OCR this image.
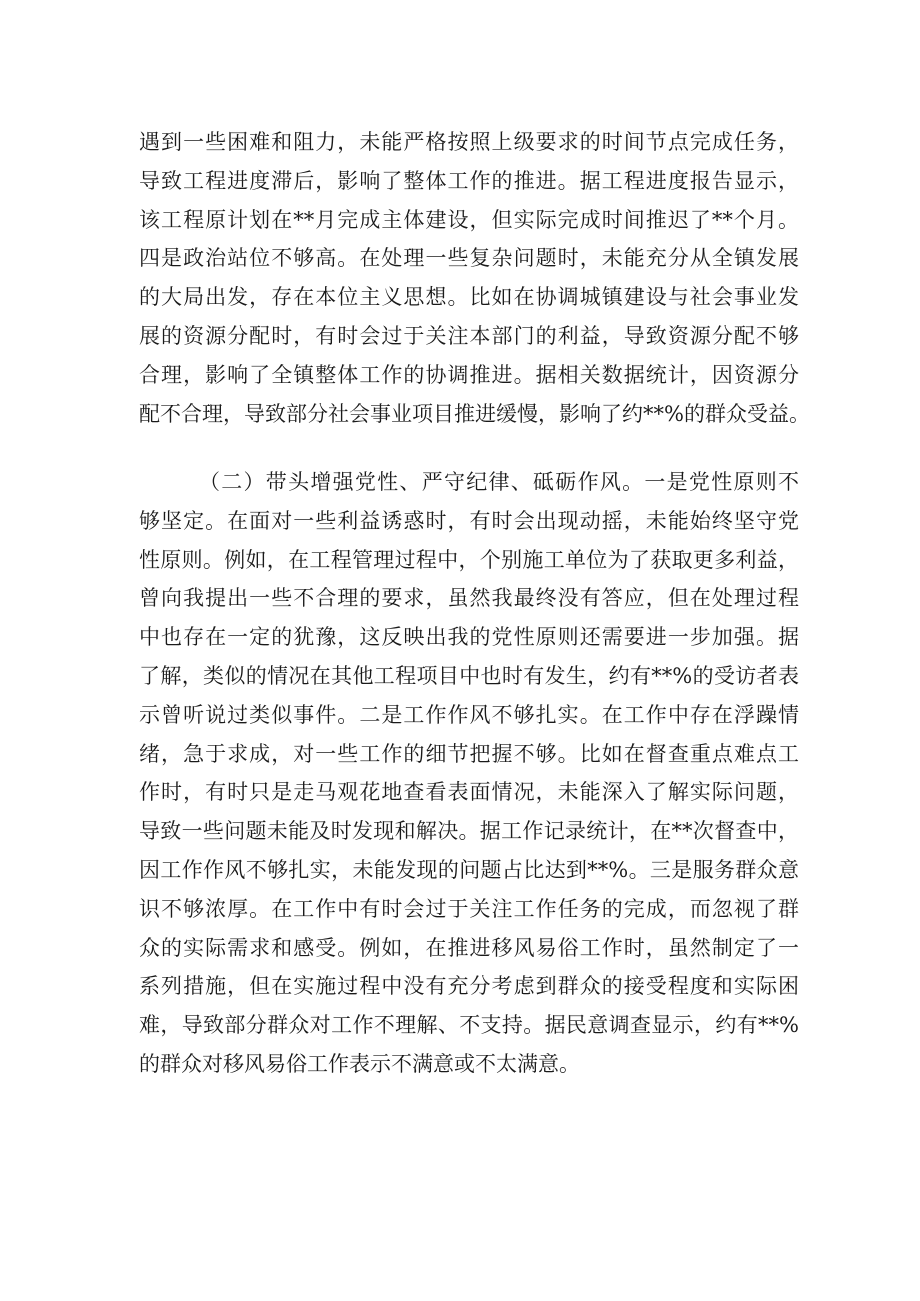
遇到一些困难和阻力，未能严格按照上级要求的时间节点完成任务，
导致工程进度滞后，影响了整体工作的推进。据工程进度报告显示，
该工程原计划在**月完成主体建设，但实际完成时间推迟了**个月。
四是政治站位不够高。在处理一些复杂问题时，未能充分从全镇发展
的大局出发，存在本位主义思想。比如在协调城镇建设与社会事业发
展的资源分配时，有时会过于关注本部门的利益，导致资源分配不够
合理，影响了全镇整体工作的协调推进。据相关数据统计，因资源分
配不合理，导致部分社会事业项目推进缓慢，影响了约**%的群众受益。
（二）带头增强党性、严守纪律、砥砺作风。一是党性原则不
够坚定。在面对一些利益诱惑时，有时会出现动摇，未能始终坚守党
性原则。例如，在工程管理过程中，个别施工单位为了获取更多利益，
曾向我提出一些不合理的要求，虽然我最终没有答应，但在处理过程
中也存在一定的犹豫，这反映出我的党性原则还需要进一步加强。据
了解，类似的情况在其他工程项目中也时有发生，约有**%的受访者表
示曾听说过类似事件。二是工作作风不够扎实。在工作中存在浮躁情
绪，急于求成，对一些工作的细节把握不够。比如在督查重点难点工
作时，有时只是走马观花地查看表面情况，未能深入了解实际问题，
导致一些问题未能及时发现和解决。据工作记录统计，在**次督查中，
因工作作风不够扎实，未能发现的问题占比达到**%。三是服务群众意
识不够浓厚。在工作中有时会过于关注工作任务的完成，而忽视了群
众的实际需求和感受。例如，在推进移风易俗工作时，虽然制定了一
系列措施，但在实施过程中没有充分考虑到群众的接受程度和实际困
难，导致部分群众对工作不理解、不支持。据民意调查显示，约有**%
的群众对移风易俗工作表示不满意或不太满意。
